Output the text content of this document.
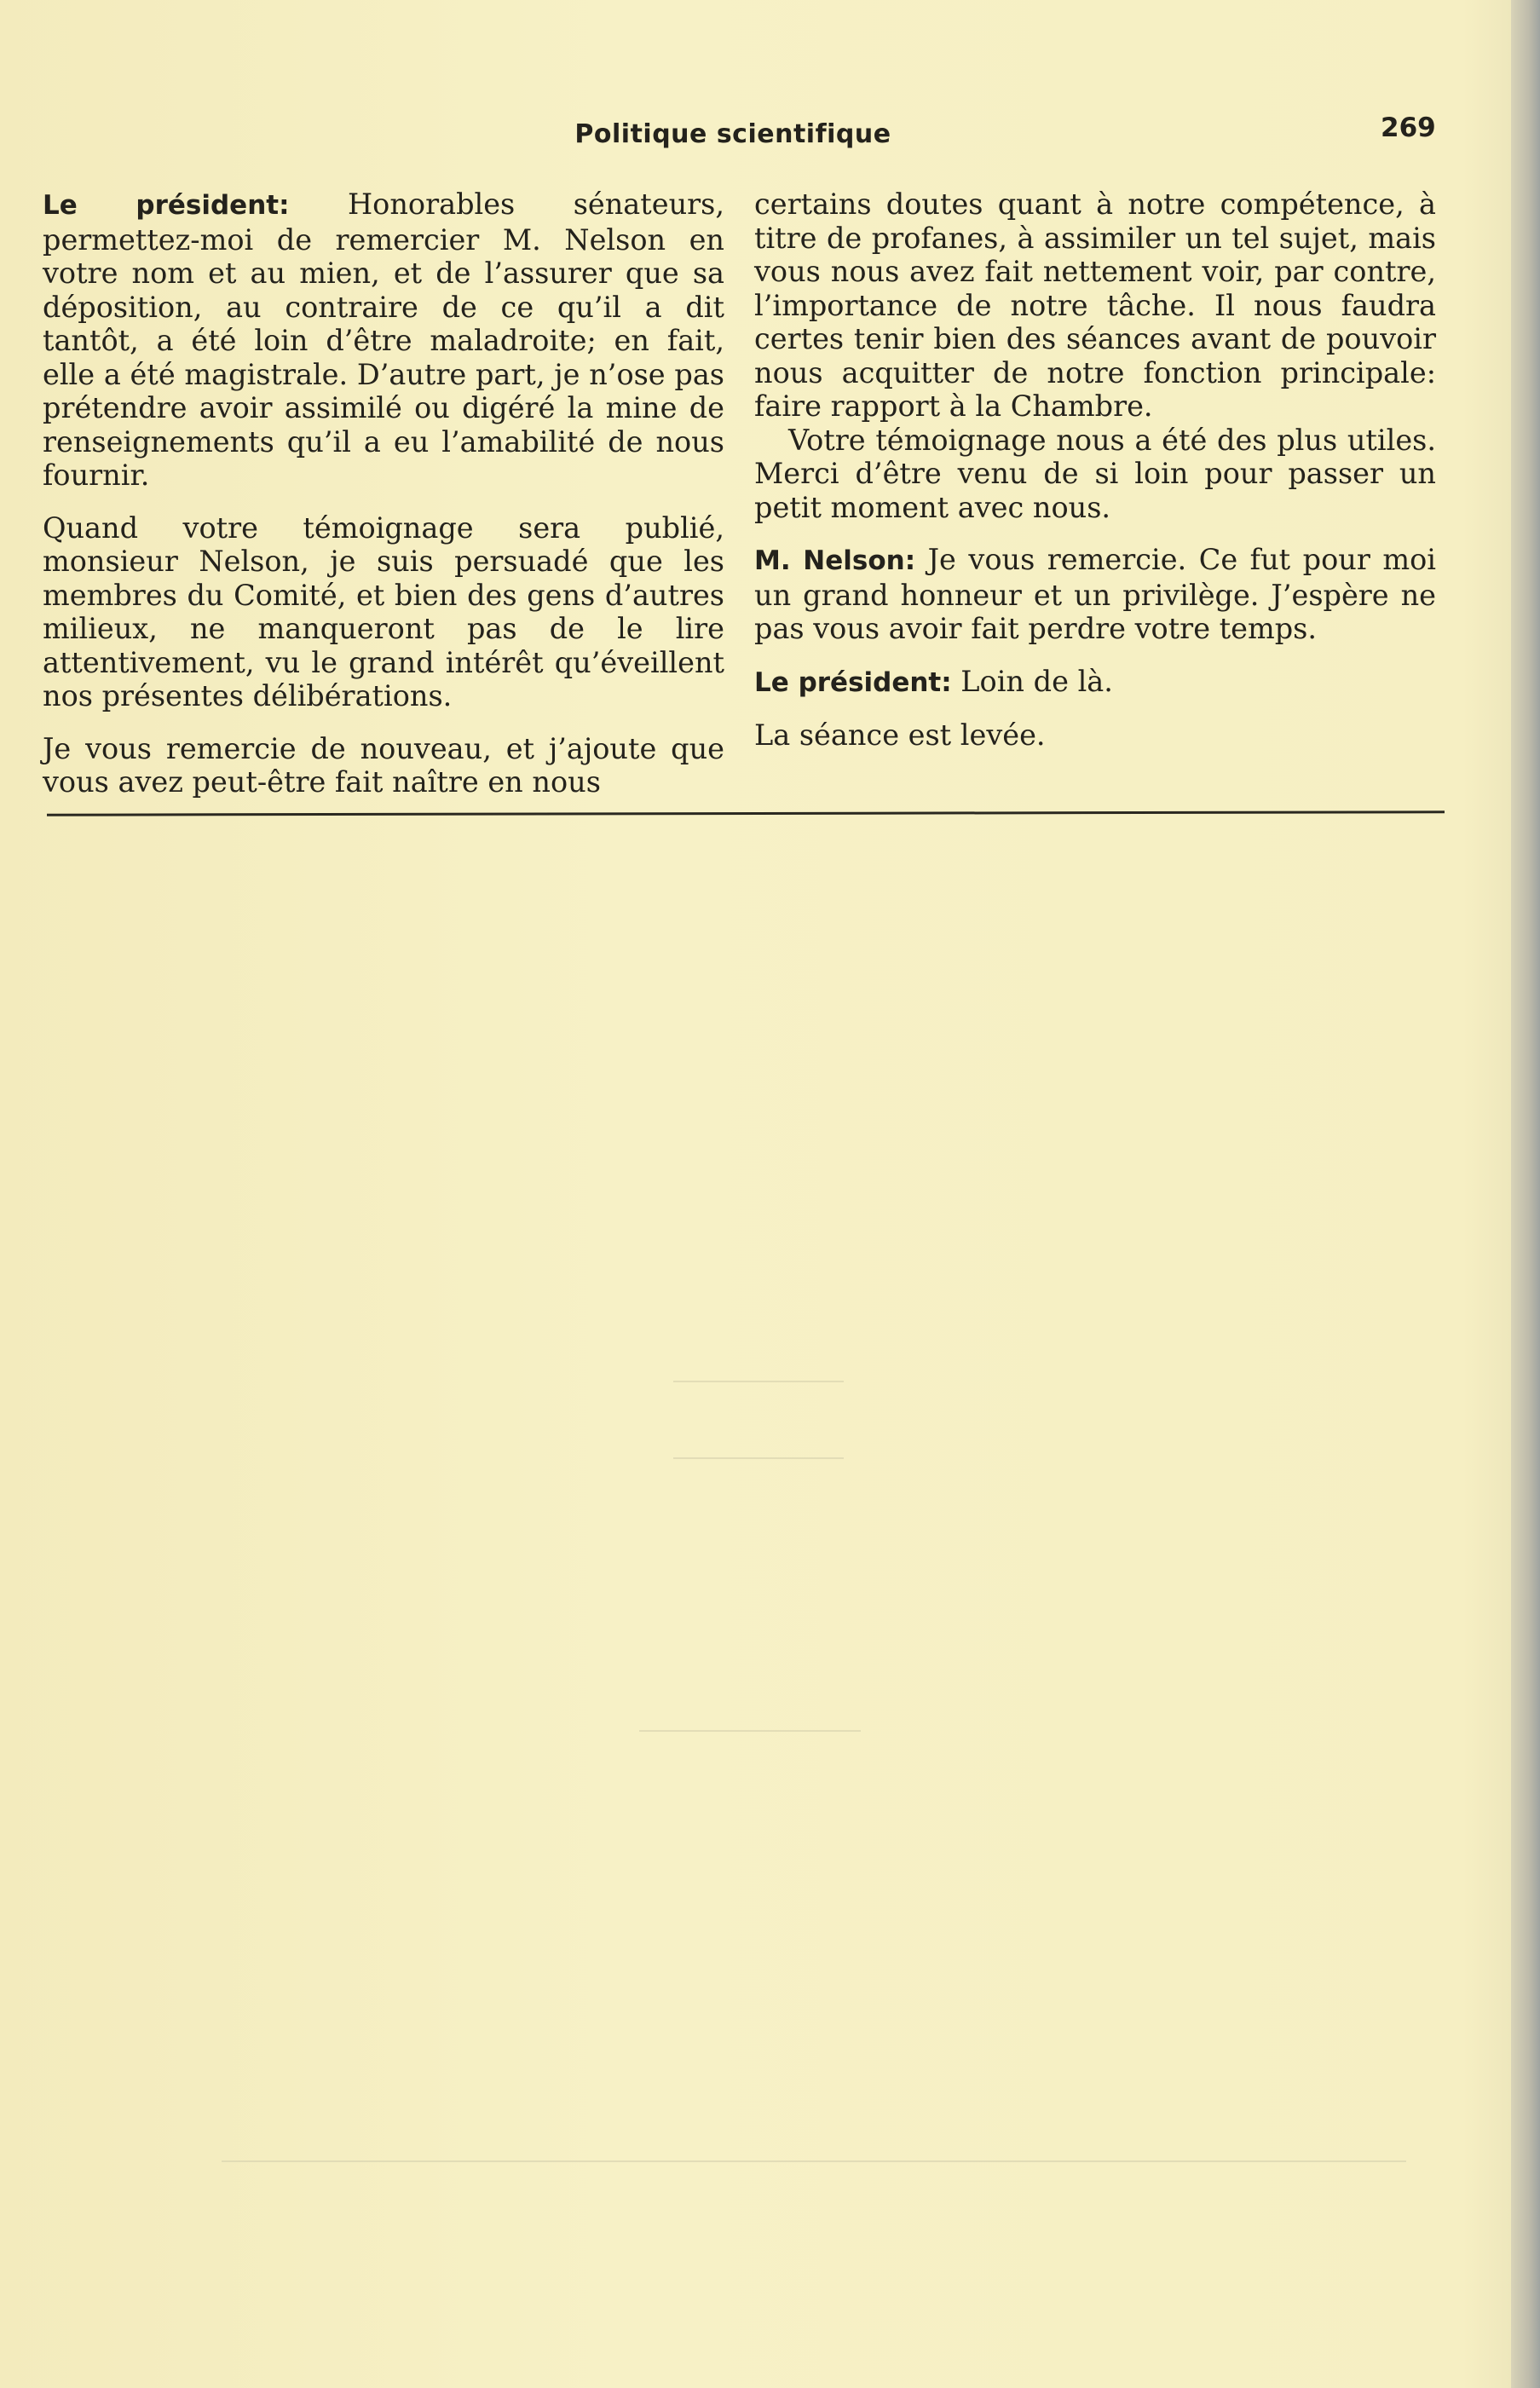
Politique scientifique	269

Le président: Honorables sénateurs, permettez-moi de remercier M. Nelson en votre nom et au mien, et de l’assurer que sa déposition, au contraire de ce qu’il a dit tantôt, a été loin d’être maladroite; en fait, elle a été magistrale. D’autre part, je n’ose pas prétendre avoir assimilé ou digéré la mine de renseignements qu’il a eu l’amabilité de nous fournir.

Quand votre témoignage sera publié, monsieur Nelson, je suis persuadé que les membres du Comité, et bien des gens d’autres milieux, ne manqueront pas de le lire attentivement, vu le grand intérêt qu’éveillent nos présentes délibérations.

Je vous remercie de nouveau, et j’ajoute que vous avez peut-être fait naître en nous

certains doutes quant à notre compétence, à titre de profanes, à assimiler un tel sujet, mais vous nous avez fait nettement voir, par contre, l’importance de notre tâche. Il nous faudra certes tenir bien des séances avant de pouvoir nous acquitter de notre fonction principale: faire rapport à la Chambre.

Votre témoignage nous a été des plus utiles. Merci d’être venu de si loin pour passer un petit moment avec nous.

M. Nelson: Je vous remercie. Ce fut pour moi un grand honneur et un privilège. J’espère ne pas vous avoir fait perdre votre temps.

Le président: Loin de là.

La séance est levée.
